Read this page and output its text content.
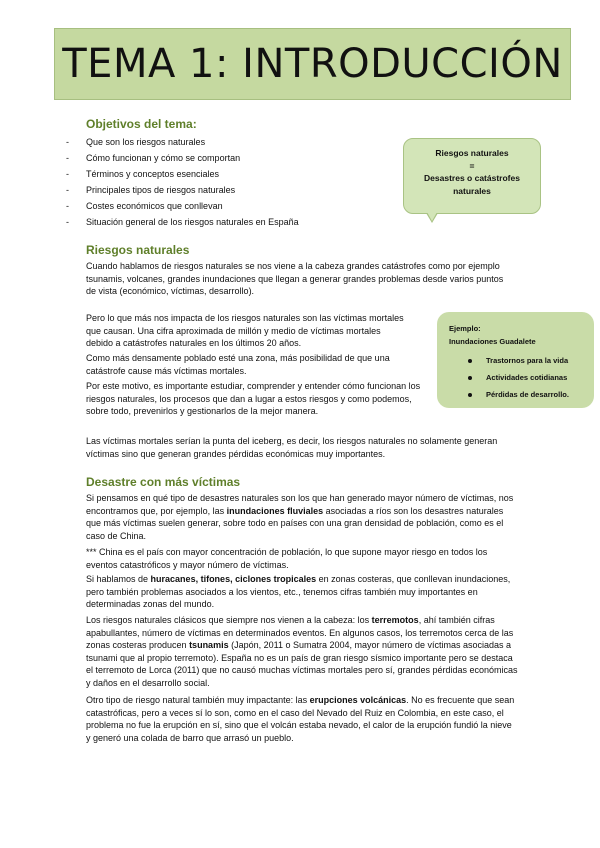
TEMA 1: INTRODUCCIÓN
Objetivos del tema:
- Que son los riesgos naturales
- Cómo funcionan y cómo se comportan
- Términos y conceptos esenciales
- Principales tipos de riesgos naturales
- Costes económicos que conllevan
- Situación general de los riesgos naturales en España
Riesgos naturales
=
Desastres o catástrofes
naturales
Riesgos naturales

Cuando hablamos de riesgos naturales se nos viene a la cabeza grandes catástrofes como por ejemplo tsunamis, volcanes, grandes inundaciones que llegan a generar grandes problemas desde varios puntos de vista (económico, víctimas, desarrollo).

Pero lo que más nos impacta de los riesgos naturales son las víctimas mortales que causan. Una cifra aproximada de millón y medio de víctimas mortales debido a catástrofes naturales en los últimos 20 años.

Como más densamente poblado esté una zona, más posibilidad de que una catástrofe cause más víctimas mortales.

Por este motivo, es importante estudiar, comprender y entender cómo funcionan los riesgos naturales, los procesos que dan a lugar a estos riesgos y como podemos, sobre todo, prevenirlos y gestionarlos de la mejor manera.

Las víctimas mortales serían la punta del iceberg, es decir, los riesgos naturales no solamente generan víctimas sino que generan grandes pérdidas económicas muy importantes.

Ejemplo:
Inundaciones Guadalete
Trastornos para la vida
Actividades cotidianas
Pérdidas de desarrollo.
Desastre con más víctimas

Si pensamos en qué tipo de desastres naturales son los que han generado mayor número de víctimas, nos encontramos que, por ejemplo, las inundaciones fluviales asociadas a ríos son los desastres naturales que más víctimas suelen generar, sobre todo en países con una gran densidad de población, como es el caso de China.

*** China es el país con mayor concentración de población, lo que supone mayor riesgo en todos los eventos catastróficos y mayor número de víctimas.

Si hablamos de huracanes, tifones, ciclones tropicales en zonas costeras, que conllevan inundaciones, pero también problemas asociados a los vientos, etc., tenemos cifras también muy importantes en determinadas zonas del mundo.

Los riesgos naturales clásicos que siempre nos vienen a la cabeza: los terremotos, ahí también cifras apabullantes, número de víctimas en determinados eventos. En algunos casos, los terremotos cerca de las zonas costeras producen tsunamis (Japón, 2011 o Sumatra 2004, mayor número de víctimas asociadas a tsunami que al propio terremoto). España no es un país de gran riesgo sísmico importante pero se destaca el terremoto de Lorca (2011) que no causó muchas víctimas mortales pero sí, grandes pérdidas económicas y daños en el desarrollo social.

Otro tipo de riesgo natural también muy impactante: las erupciones volcánicas. No es frecuente que sean catastróficas, pero a veces sí lo son, como en el caso del Nevado del Ruiz en Colombia, en este caso, el problema no fue la erupción en sí, sino que el volcán estaba nevado, el calor de la erupción fundió la nieve y generó una colada de barro que arrasó un pueblo.
